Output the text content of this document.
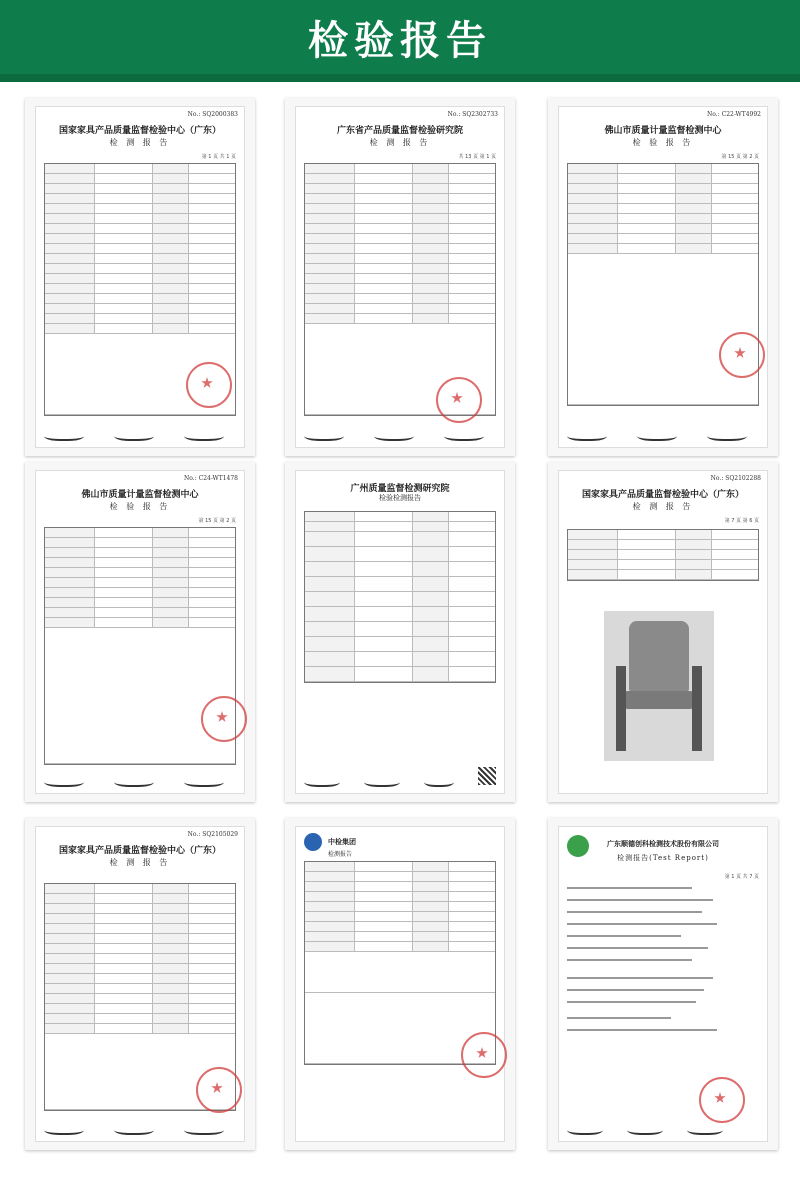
检验报告
No.: SQ2000383
国家家具产品质量监督检验中心（广东）
检 测 报 告
第 1 页 共 1 页
No.: SQ2302733
广东省产品质量监督检验研究院
检 测 报 告
共 13 页 第 1 页
No.: C22-WT4992
佛山市质量计量监督检测中心
检 验 报 告
第 15 页 第 2 页
No.: C24-WT1478
佛山市质量计量监督检测中心
检 验 报 告
第 15 页 第 2 页
广州质量监督检测研究院
检验检测报告
No.: SQ2102288
国家家具产品质量监督检验中心（广东）
检 测 报 告
第 7 页 第 6 页
No.: SQ2105029
国家家具产品质量监督检验中心（广东）
检 测 报 告
中检集团
检测报告
广东顺德创科检测技术股份有限公司
检测报告(Test Report)
第 1 页 共 7 页
